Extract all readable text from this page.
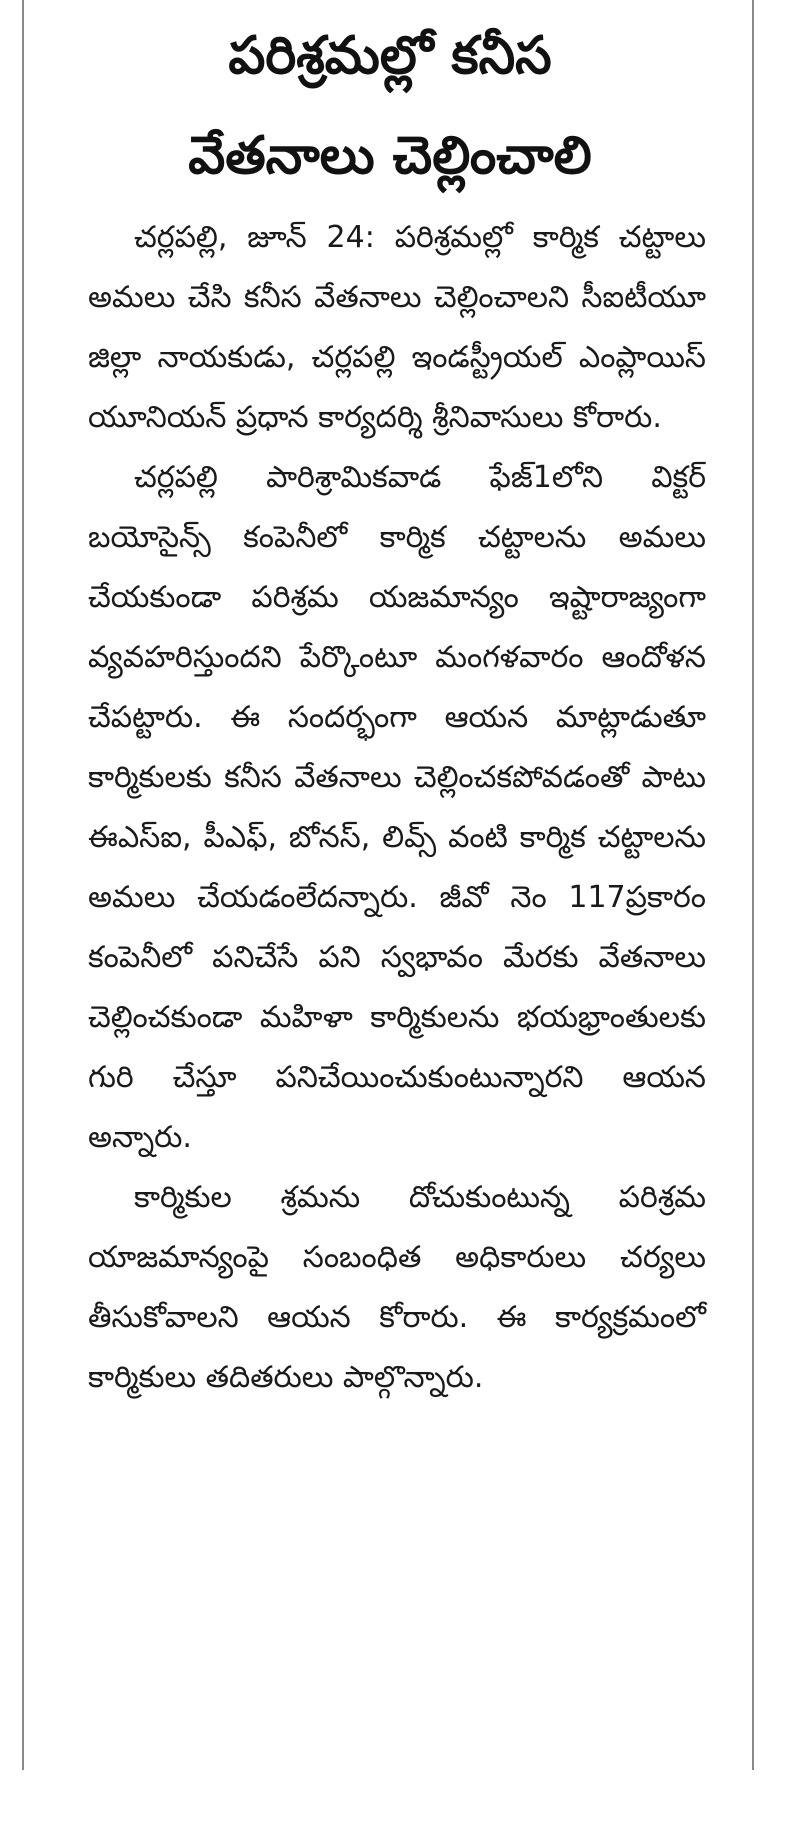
పరిశ్రమల్లో కనీస
వేతనాలు చెల్లించాలి

చర్లపల్లి, జూన్ 24: పరిశ్రమల్లో కార్మిక చట్టాలు అమలు చేసి కనీస వేతనాలు చెల్లించాలని సీఐటీయూ జిల్లా నాయకుడు, చర్లపల్లి ఇండస్ట్రీయల్ ఎంప్లాయిస్ యూనియన్ ప్రధాన కార్యదర్శి శ్రీనివాసులు కోరారు.

చర్లపల్లి పారిశ్రామికవాడ ఫేజ్1లోని విక్టర్ బయోసైన్స్ కంపెనీలో కార్మిక చట్టాలను అమలు చేయకుండా పరిశ్రమ యజమాన్యం ఇష్టారాజ్యంగా వ్యవహరిస్తుందని పేర్కొంటూ మంగళవారం ఆందోళన చేపట్టారు. ఈ సందర్భంగా ఆయన మాట్లాడుతూ కార్మికులకు కనీస వేతనాలు చెల్లించకపోవడంతో పాటు ఈఎస్ఐ, పీఎఫ్, బోనస్, లివ్స్ వంటి కార్మిక చట్టాలను అమలు చేయడంలేదన్నారు. జీవో నెం 117ప్రకారం కంపెనీలో పనిచేసే పని స్వభావం మేరకు వేతనాలు చెల్లించకుండా మహిళా కార్మికులను భయభ్రాంతులకు గురి చేస్తూ పనిచేయించుకుంటున్నారని ఆయన అన్నారు.

కార్మికుల శ్రమను దోచుకుంటున్న పరిశ్రమ యాజమాన్యంపై సంబంధిత అధికారులు చర్యలు తీసుకోవాలని ఆయన కోరారు. ఈ కార్యక్రమంలో కార్మికులు తదితరులు పాల్గొన్నారు.
